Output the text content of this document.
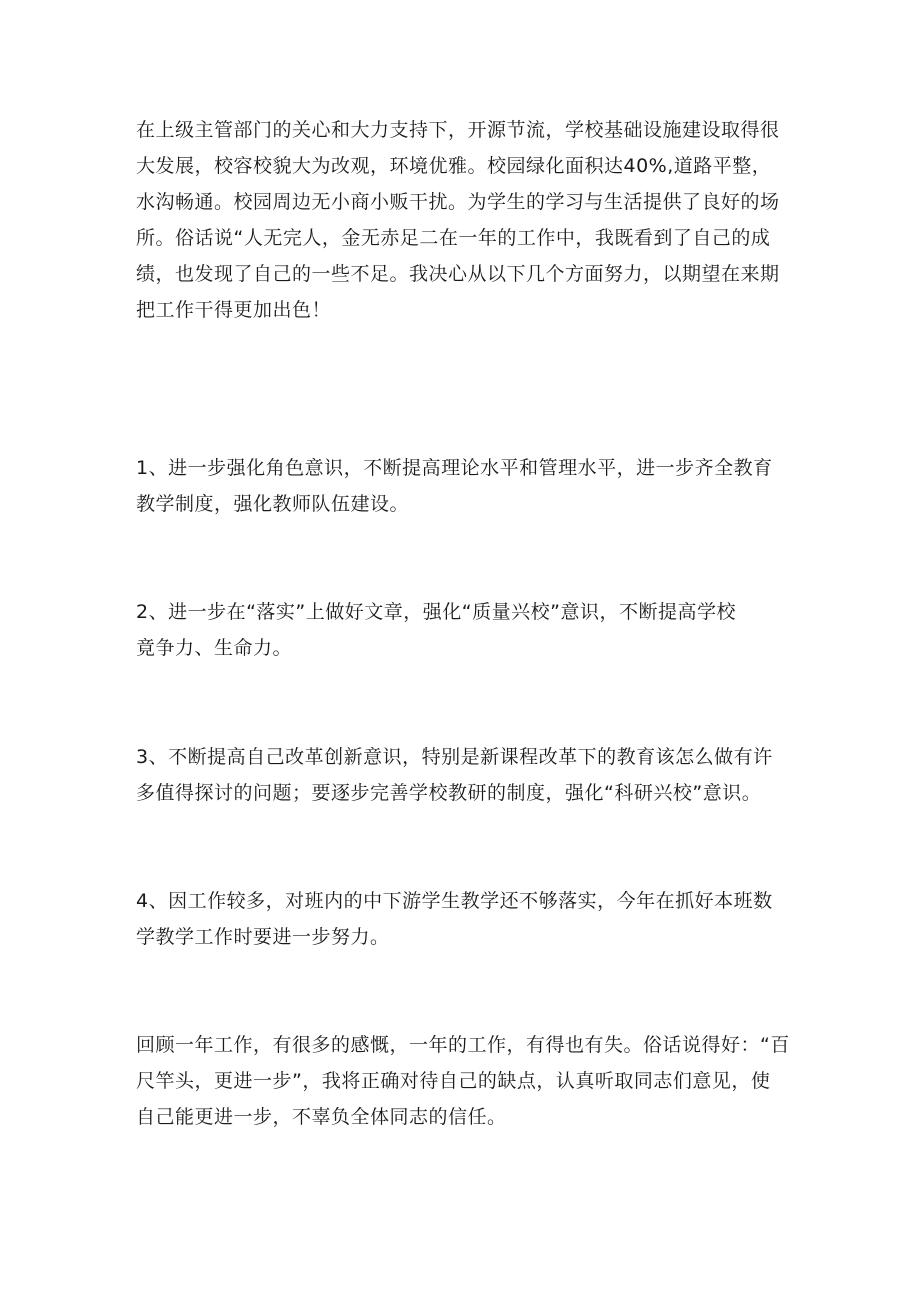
在上级主管部门的关心和大力支持下，开源节流，学校基础设施建设取得很
大发展，校容校貌大为改观，环境优雅。校园绿化面积达40%,道路平整，
水沟畅通。校园周边无小商小贩干扰。为学生的学习与生活提供了良好的场
所。俗话说“人无完人，金无赤足二在一年的工作中，我既看到了自己的成
绩，也发现了自己的一些不足。我决心从以下几个方面努力，以期望在来期
把工作干得更加出色！
1、进一步强化角色意识，不断提高理论水平和管理水平，进一步齐全教育
教学制度，强化教师队伍建设。
2、进一步在“落实”上做好文章，强化“质量兴校”意识，不断提高学校
竟争力、生命力。
3、不断提高自己改革创新意识，特别是新课程改革下的教育该怎么做有许
多值得探讨的问题；要逐步完善学校教研的制度，强化“科研兴校”意识。
4、因工作较多，对班内的中下游学生教学还不够落实，今年在抓好本班数
学教学工作时要进一步努力。
回顾一年工作，有很多的感慨，一年的工作，有得也有失。俗话说得好：“百
尺竿头，更进一步”，我将正确对待自己的缺点，认真听取同志们意见，使
自己能更进一步，不辜负全体同志的信任。
